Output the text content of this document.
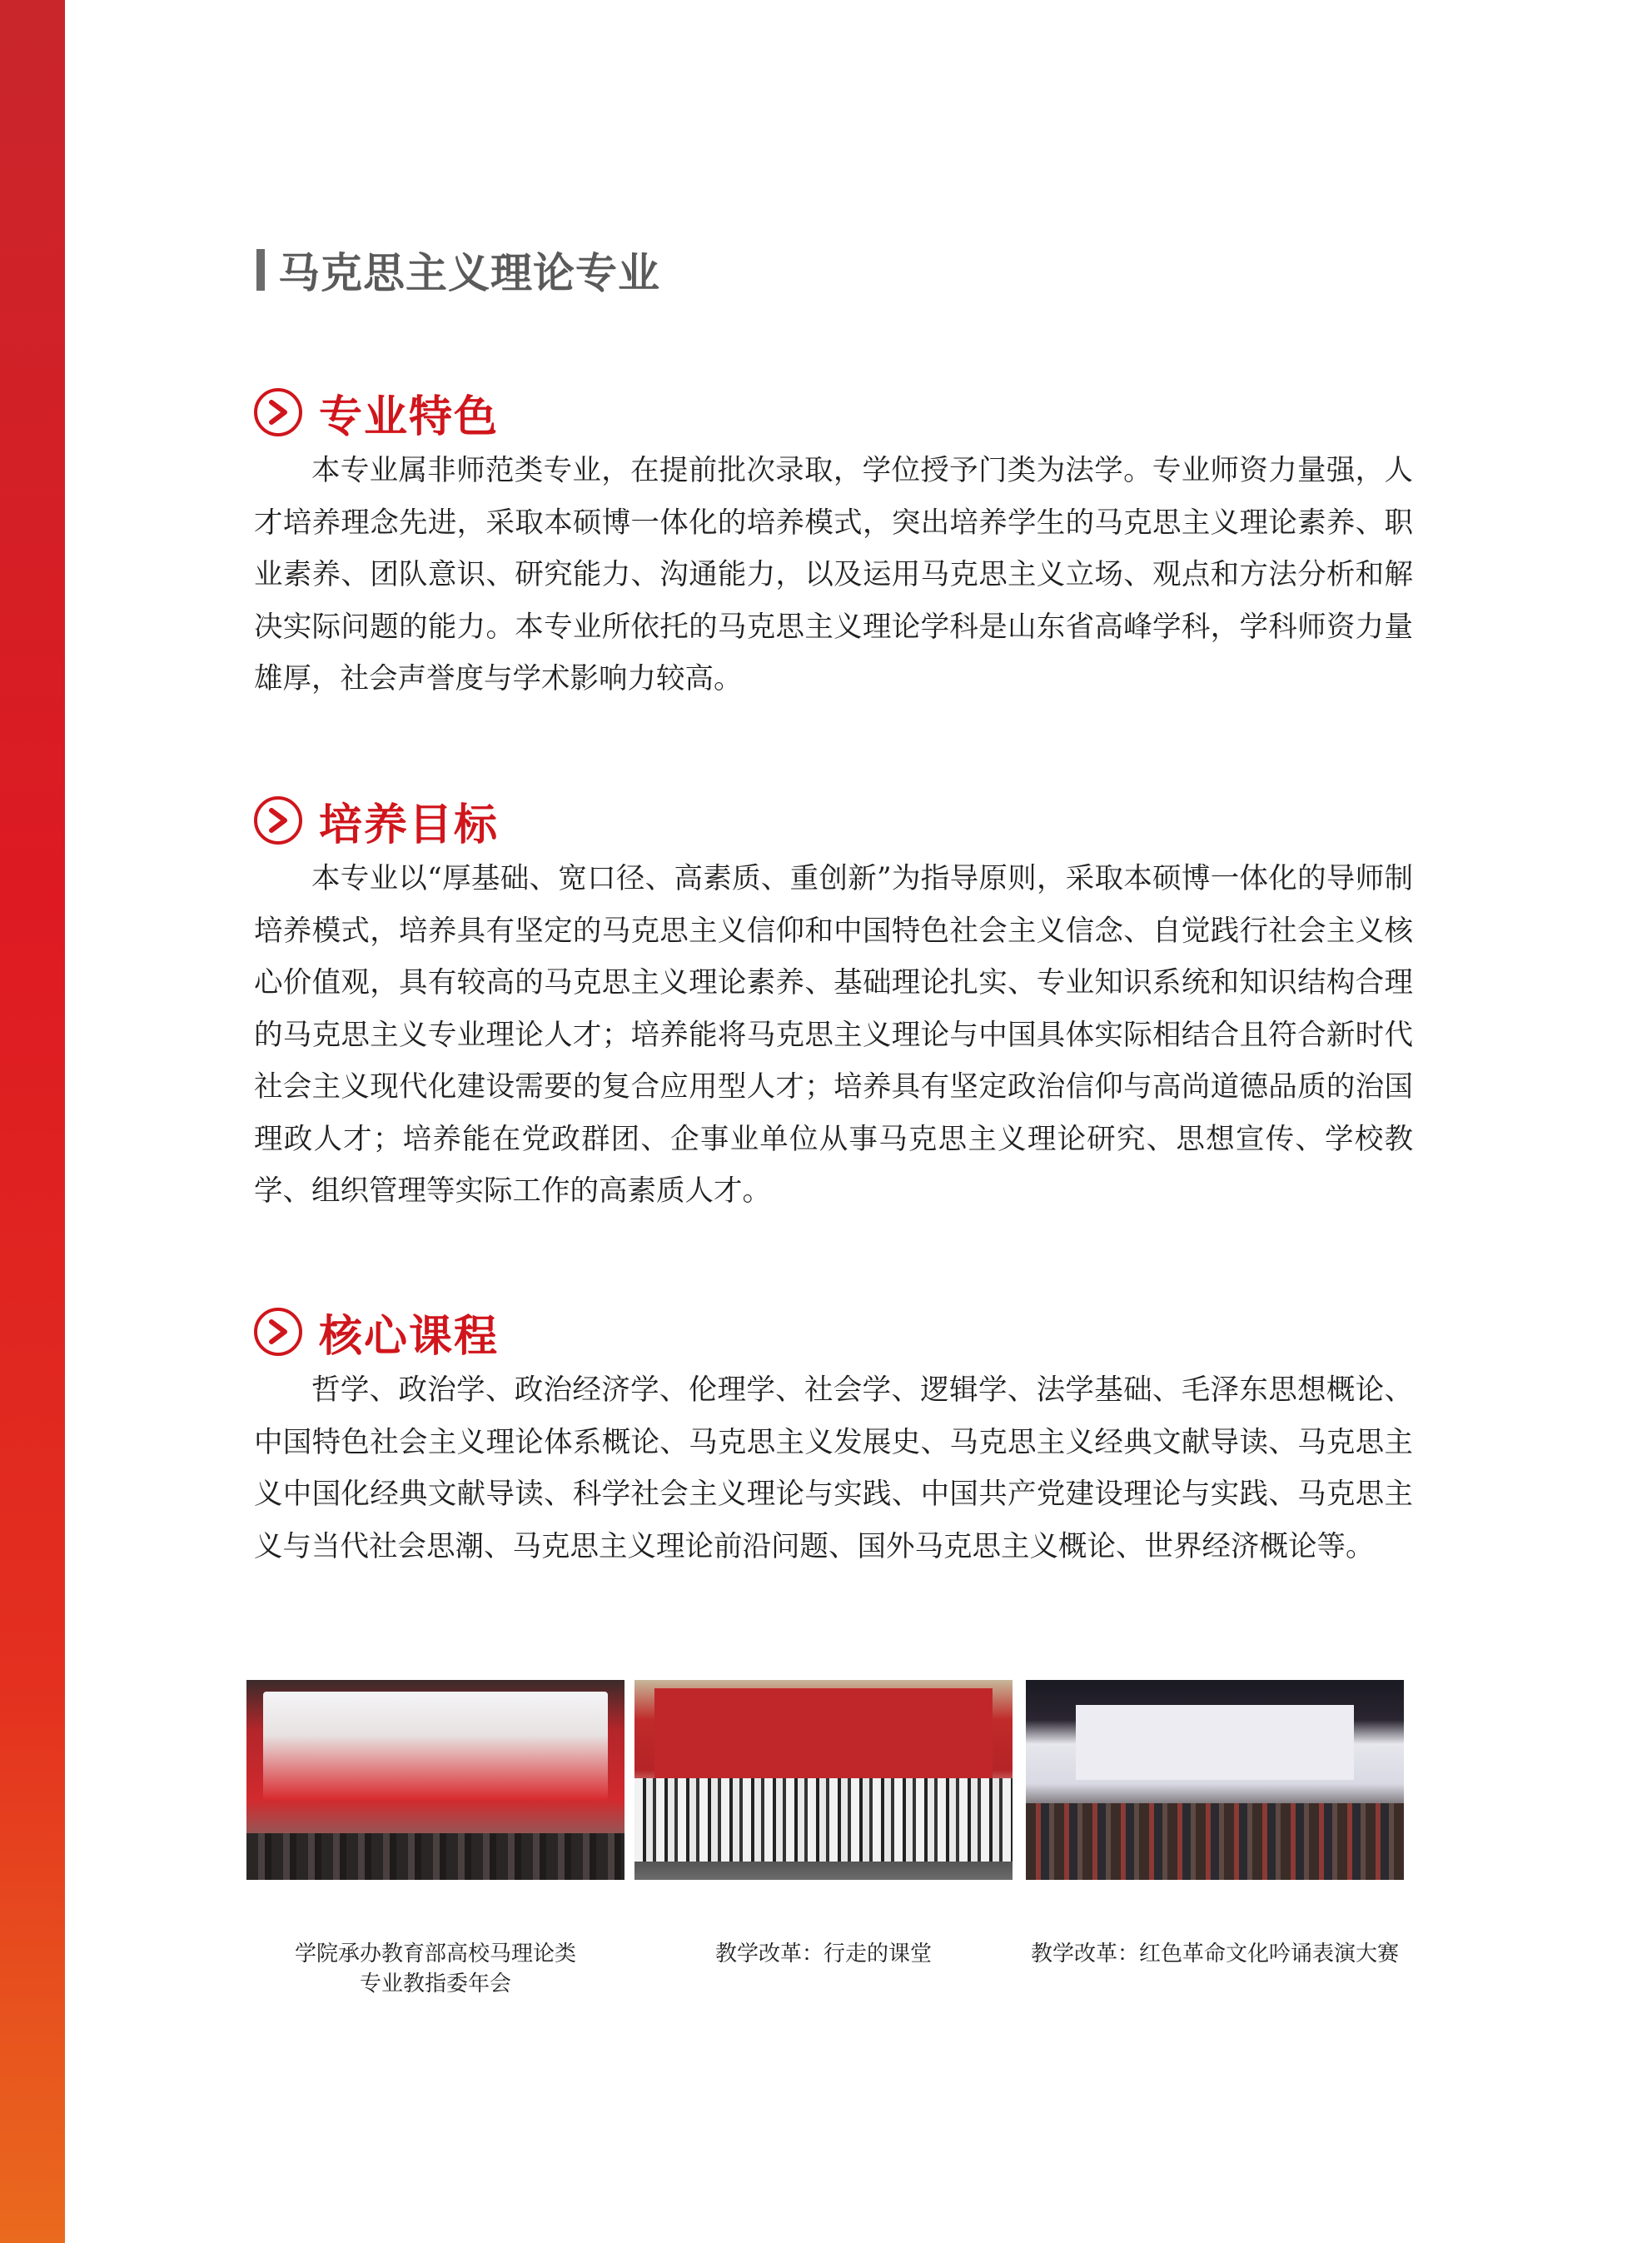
马克思主义理论专业
专业特色
本专业属非师范类专业，在提前批次录取，学位授予门类为法学。专业师资力量强，人才培养理念先进，采取本硕博一体化的培养模式，突出培养学生的马克思主义理论素养、职业素养、团队意识、研究能力、沟通能力，以及运用马克思主义立场、观点和方法分析和解决实际问题的能力。本专业所依托的马克思主义理论学科是山东省高峰学科，学科师资力量雄厚，社会声誉度与学术影响力较高。
培养目标
本专业以“厚基础、宽口径、高素质、重创新”为指导原则，采取本硕博一体化的导师制培养模式，培养具有坚定的马克思主义信仰和中国特色社会主义信念、自觉践行社会主义核心价值观，具有较高的马克思主义理论素养、基础理论扎实、专业知识系统和知识结构合理的马克思主义专业理论人才；培养能将马克思主义理论与中国具体实际相结合且符合新时代社会主义现代化建设需要的复合应用型人才；培养具有坚定政治信仰与高尚道德品质的治国理政人才；培养能在党政群团、企事业单位从事马克思主义理论研究、思想宣传、学校教学、组织管理等实际工作的高素质人才。
核心课程
哲学、政治学、政治经济学、伦理学、社会学、逻辑学、法学基础、毛泽东思想概论、中国特色社会主义理论体系概论、马克思主义发展史、马克思主义经典文献导读、马克思主义中国化经典文献导读、科学社会主义理论与实践、中国共产党建设理论与实践、马克思主义与当代社会思潮、马克思主义理论前沿问题、国外马克思主义概论、世界经济概论等。
学院承办教育部高校马理论类
专业教指委年会
教学改革：行走的课堂	教学改革：红色革命文化吟诵表演大赛
